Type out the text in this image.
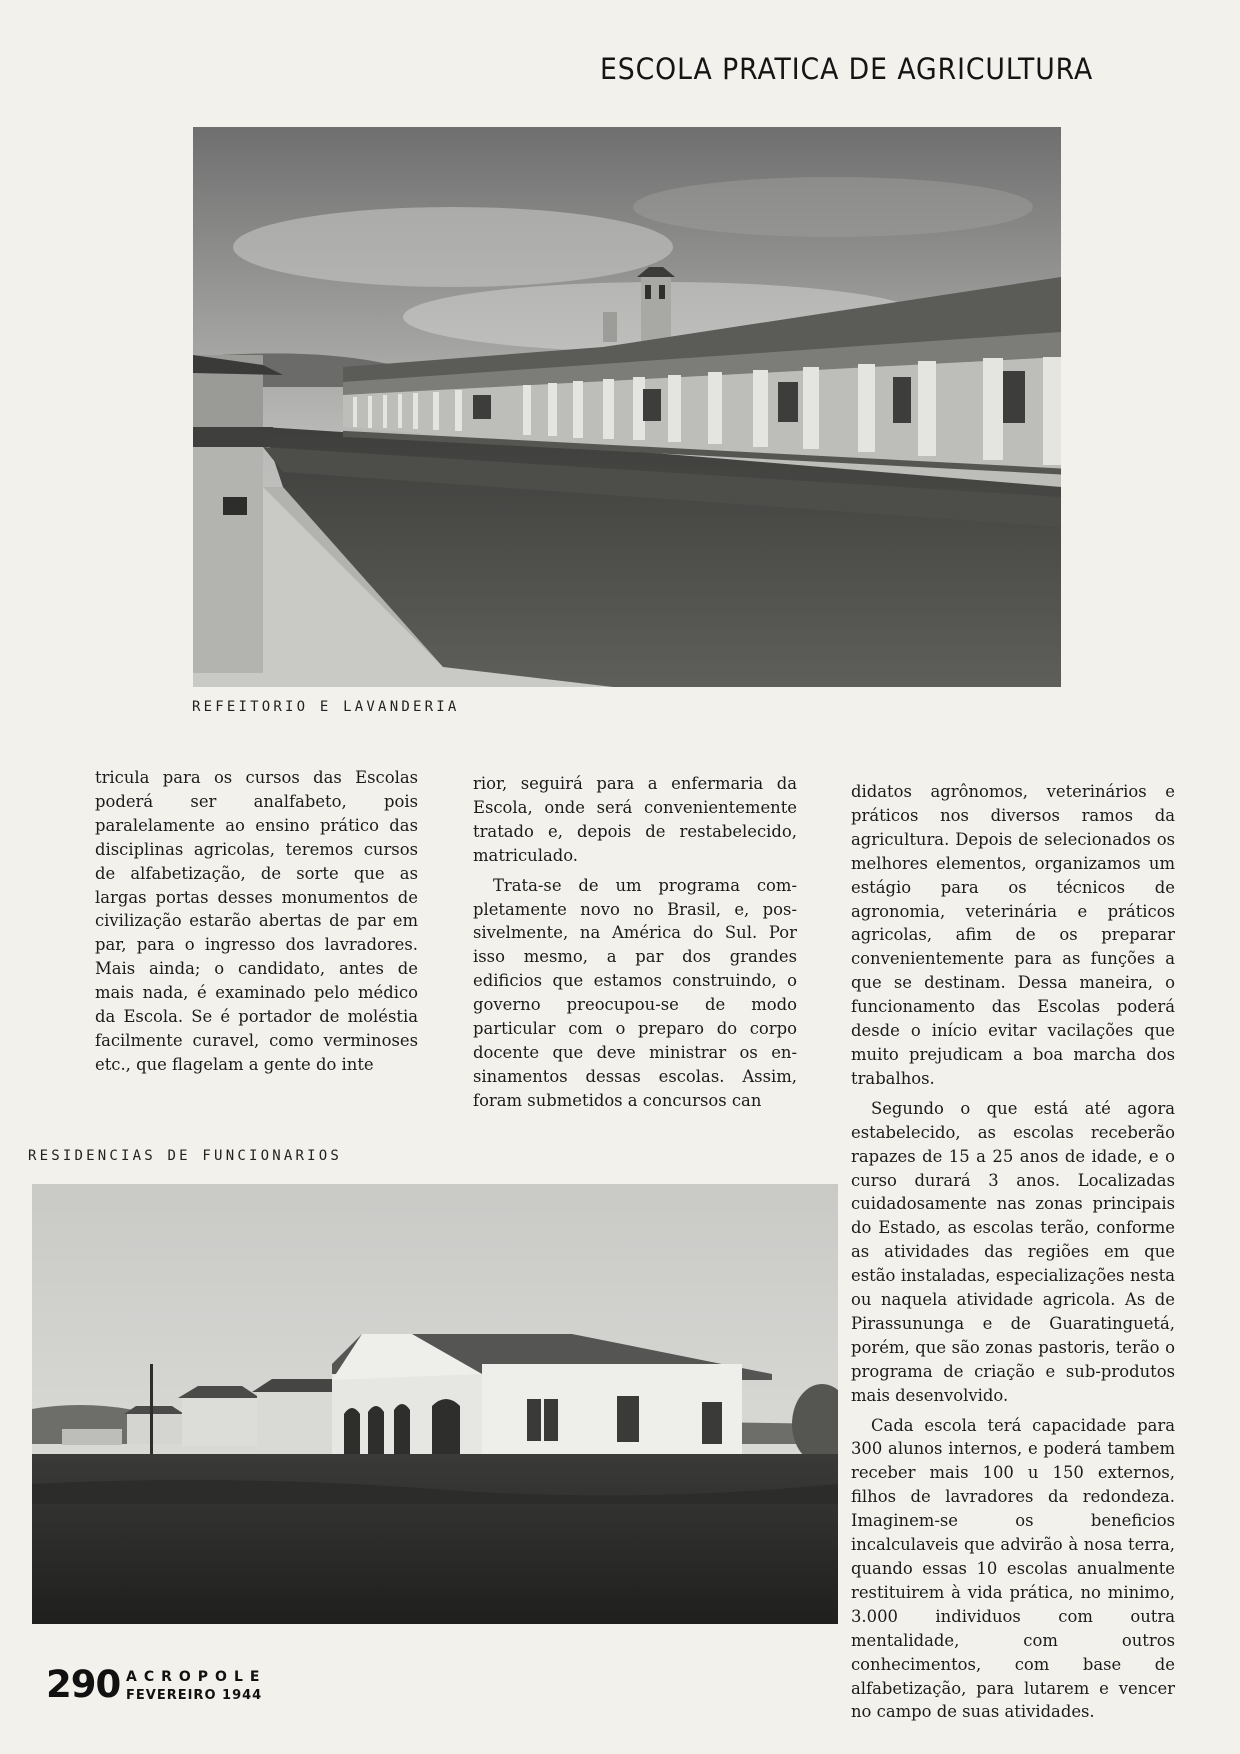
ESCOLA PRATICA DE AGRICULTURA
REFEITORIO E LAVANDERIA

tricula para os cursos das Escolas poderá ser analfabeto, pois paralelamente ao ensino prático das disciplinas agricolas, teremos cursos de alfabetização, de sorte que as largas portas desses monumentos de civilização estarão abertas de par em par, para o ingresso dos lavradores. Mais ainda; o candidato, antes de mais nada, é examinado pelo médico da Escola. Se é portador de moléstia facilmente curavel, como verminoses etc., que flagelam a gente do inte

rior, seguirá para a enfermaria da Escola, onde será convenientemente tratado e, depois de restabelecido, matriculado.

Trata-se de um programa completamente novo no Brasil, e, possivelmente, na América do Sul. Por isso mesmo, a par dos grandes edificios que estamos construindo, o governo preocupou-se de modo particular com o preparo do corpo docente que deve ministrar os ensinamentos dessas escolas. Assim, foram submetidos a concursos can

didatos agrônomos, veterinários e práticos nos diversos ramos da agricultura. Depois de selecionados os melhores elementos, organizamos um estágio para os técnicos de agronomia, veterinária e práticos agricolas, afim de os preparar convenientemente para as funções a que se destinam. Dessa maneira, o funcionamento das Escolas poderá desde o início evitar vacilações que muito prejudicam a boa marcha dos trabalhos.

Segundo o que está até agora estabelecido, as escolas receberão rapazes de 15 a 25 anos de idade, e o curso durará 3 anos. Localizadas cuidadosamente nas zonas principais do Estado, as escolas terão, conforme as atividades das regiões em que estão instaladas, especializações nesta ou naquela atividade agricola. As de Pirassununga e de Guaratinguetá, porém, que são zonas pastoris, terão o programa de criação e sub-produtos mais desenvolvido.

Cada escola terá capacidade para 300 alunos internos, e poderá tambem receber mais 100 u 150 externos, filhos de lavradores da redondeza. Imaginem-se os beneficios incalculaveis que advirão à nosa terra, quando essas 10 escolas anualmente restituirem à vida prática, no minimo, 3.000 individuos com outra mentalidade, com outros conhecimentos, com base de alfabetização, para lutarem e vencer no campo de suas atividades.

RESIDENCIAS DE FUNCIONARIOS
290 ACROPOLE
FEVEREIRO 1944
